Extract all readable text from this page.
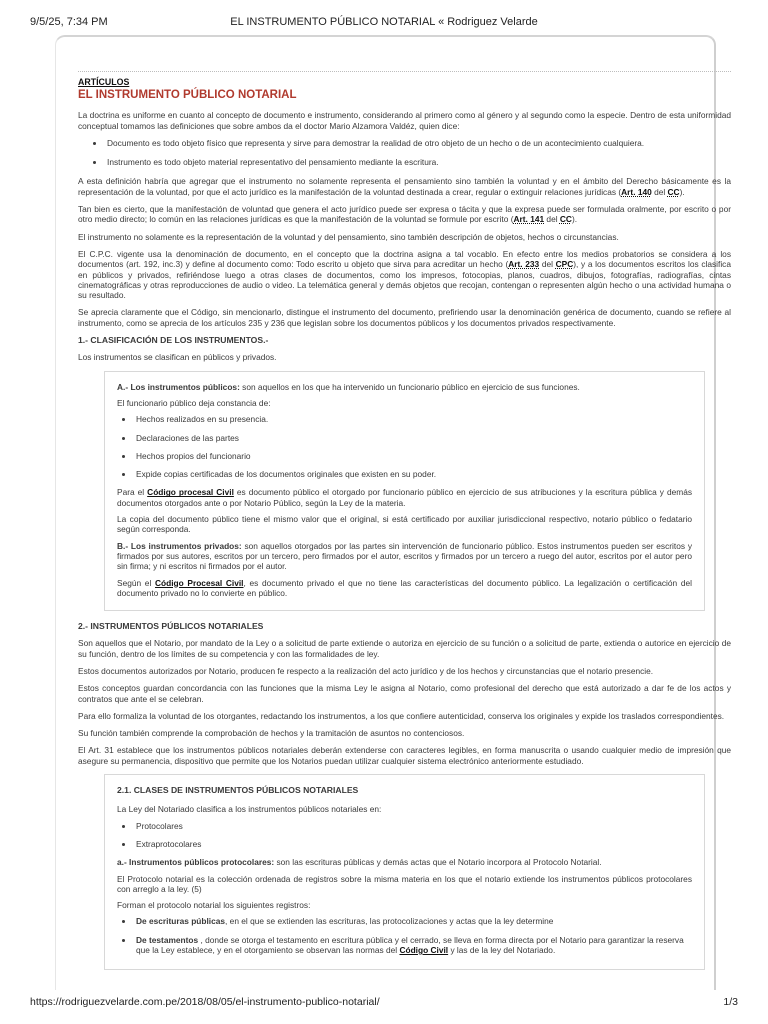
9/5/25, 7:34 PM	EL INSTRUMENTO PÚBLICO NOTARIAL « Rodriguez Velarde
ARTÍCULOS
EL INSTRUMENTO PÚBLICO NOTARIAL

La doctrina es uniforme en cuanto al concepto de documento e instrumento, considerando al primero como al género y al segundo como la especie. Dentro de esta uniformidad conceptual tomamos las definiciones que sobre ambos da el doctor Mario Alzamora Valdéz, quien dice:

• Documento es todo objeto físico que representa y sirve para demostrar la realidad de otro objeto de un hecho o de un acontecimiento cualquiera.
• Instrumento es todo objeto material representativo del pensamiento mediante la escritura.

A esta definición habría que agregar que el instrumento no solamente representa el pensamiento sino también la voluntad y en el ámbito del Derecho básicamente es la representación de la voluntad, por que el acto jurídico es la manifestación de la voluntad destinada a crear, regular o extinguir relaciones jurídicas (Art. 140 del CC).

Tan bien es cierto, que la manifestación de voluntad que genera el acto jurídico puede ser expresa o tácita y que la expresa puede ser formulada oralmente, por escrito o por otro medio directo; lo común en las relaciones jurídicas es que la manifestación de la voluntad se formule por escrito (Art. 141 del CC).

El instrumento no solamente es la representación de la voluntad y del pensamiento, sino también descripción de objetos, hechos o circunstancias.

El C.P.C. vigente usa la denominación de documento, en el concepto que la doctrina asigna a tal vocablo. En efecto entre los medios probatorios se considera a los documentos (art. 192, inc.3) y define al documento como: Todo escrito u objeto que sirva para acreditar un hecho (Art. 233 del CPC), y a los documentos escritos los clasifica en públicos y privados, refiriéndose luego a otras clases de documentos, como los impresos, fotocopias, planos, cuadros, dibujos, fotografías, radiografías, cintas cinematográficas y otras reproducciones de audio o video. La telemática general y demás objetos que recojan, contengan o representen algún hecho o una actividad humana o su resultado.

Se aprecia claramente que el Código, sin mencionarlo, distingue el instrumento del documento, prefiriendo usar la denominación genérica de documento, cuando se refiere al instrumento, como se aprecia de los artículos 235 y 236 que legislan sobre los documentos públicos y los documentos privados respectivamente.

1.- CLASIFICACIÓN DE LOS INSTRUMENTOS.-

Los instrumentos se clasifican en públicos y privados.

A.- Los instrumentos públicos: son aquellos en los que ha intervenido un funcionario público en ejercicio de sus funciones.

El funcionario público deja constancia de:

• Hechos realizados en su presencia.
• Declaraciones de las partes
• Hechos propios del funcionario
• Expide copias certificadas de los documentos originales que existen en su poder.

Para el Código procesal Civil es documento público el otorgado por funcionario público en ejercicio de sus atribuciones y la escritura pública y demás documentos otorgados ante o por Notario Público, según la Ley de la materia.

La copia del documento público tiene el mismo valor que el original, si está certificado por auxiliar jurisdiccional respectivo, notario público o fedatario según corresponda.

B.- Los instrumentos privados: son aquellos otorgados por las partes sin intervención de funcionario público. Estos instrumentos pueden ser escritos y firmados por sus autores, escritos por un tercero, pero firmados por el autor, escritos y firmados por un tercero a ruego del autor, escritos por el autor pero sin firma; y ni escritos ni firmados por el autor.

Según el Código Procesal Civil, es documento privado el que no tiene las características del documento público. La legalización o certificación del documento privado no lo convierte en público.

2.- INSTRUMENTOS PÚBLICOS NOTARIALES

Son aquellos que el Notario, por mandato de la Ley o a solicitud de parte extiende o autoriza en ejercicio de su función o a solicitud de parte, extienda o autorice en ejercicio de su función, dentro de los límites de su competencia y con las formalidades de ley.

Estos documentos autorizados por Notario, producen fe respecto a la realización del acto jurídico y de los hechos y circunstancias que el notario presencie.

Estos conceptos guardan concordancia con las funciones que la misma Ley le asigna al Notario, como profesional del derecho que está autorizado a dar fe de los actos y contratos que ante el se celebran.

Para ello formaliza la voluntad de los otorgantes, redactando los instrumentos, a los que confiere autenticidad, conserva los originales y expide los traslados correspondientes.

Su función también comprende la comprobación de hechos y la tramitación de asuntos no contenciosos.

El Art. 31 establece que los instrumentos públicos notariales deberán extenderse con caracteres legibles, en forma manuscrita o usando cualquier medio de impresión que asegure su permanencia, dispositivo que permite que los Notarios puedan utilizar cualquier sistema electrónico anteriormente estudiado.

2.1. CLASES DE INSTRUMENTOS PÚBLICOS NOTARIALES

La Ley del Notariado clasifica a los instrumentos públicos notariales en:

• Protocolares
• Extraprotocolares

a.- Instrumentos públicos protocolares: son las escrituras públicas y demás actas que el Notario incorpora al Protocolo Notarial.

El Protocolo notarial es la colección ordenada de registros sobre la misma materia en los que el notario extiende los instrumentos públicos protocolares con arreglo a la ley. (5)

Forman el protocolo notarial los siguientes registros:

• De escrituras públicas, en el que se extienden las escrituras, las protocolizaciones y actas que la ley determine
• De testamentos , donde se otorga el testamento en escritura pública y el cerrado, se lleva en forma directa por el Notario para garantizar la reserva que la Ley establece, y en el otorgamiento se observan las normas del Código Civil y las de la ley del Notariado.
https://rodriguezvelarde.com.pe/2018/08/05/el-instrumento-publico-notarial/	1/3
